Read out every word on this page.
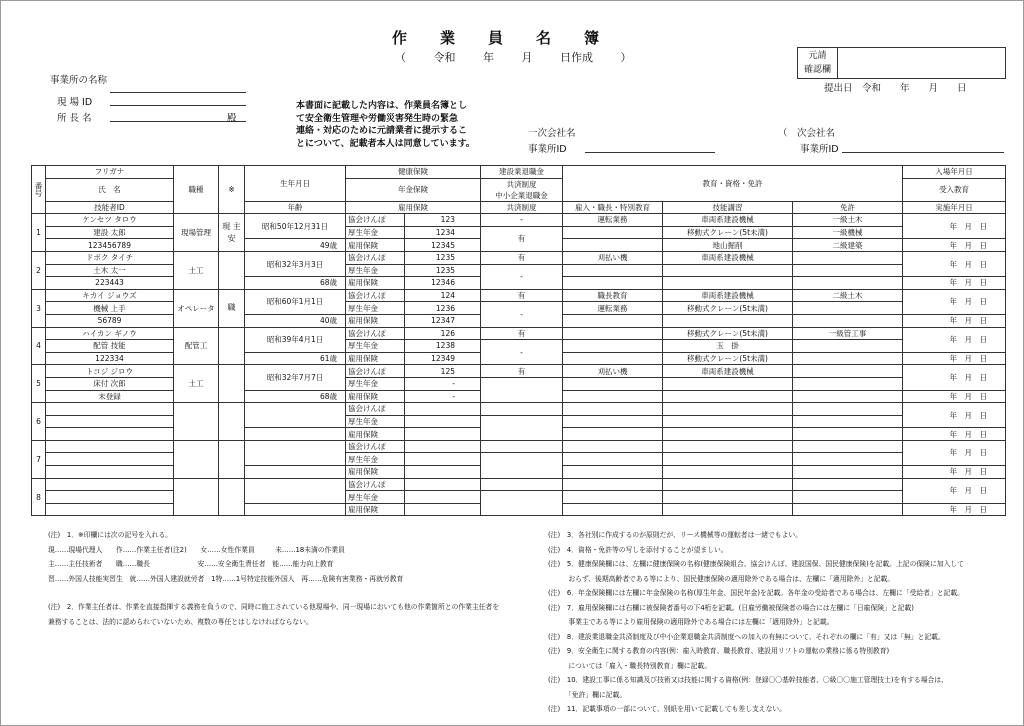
作業員名簿
（ 令和 年 月 日作成 ）
事業所の名称
現 場 ID
所 長 名	殿
本書面に記載した内容は、作業員名簿とし
て安全衛生管理や労働災害発生時の緊急
連絡・対応のために元請業者に提示するこ
とについて、記載者本人は同意しています。
一次会社名
事業所ID
（　次会社名
事業所ID
元請
確認欄
提出日　令和　　年　　月　　日
番号	フリガナ	職種	※	生年月日	健康保険		建設業退職金	教育・資格・免許			入場年月日
	氏　名				年金保険		共済制度
中小企業退職金				受入教育
	技能者ID			年齢	雇用保険		共済制度	雇入・職長・特別教育	技能講習	免許	実施年月日
1	ケンセツ タロウ	現場管理	現 主 安	昭和50年12月31日	協会けんぽ	123	-	運転業務	車両系建設機械	一級土木	年　月　日
	建設 太郎				厚生年金	1234	有		移動式クレーン(5t未満)	一級機械	
	123456789			49歳	雇用保険	12345			地山掘削	二級建築	年　月　日
2	ドボク タイチ	土工		昭和32年3月3日	協会けんぽ	1235	有	刈払い機	車両系建設機械		年　月　日
	土木 太一				厚生年金	1235	-				
	223443			68歳	雇用保険	12346					年　月　日
3	キカイ ジョウズ	オペレータ	職	昭和60年1月1日	協会けんぽ	124	有	職長教育	車両系建設機械	二級土木	年　月　日
	機械 上手				厚生年金	1236	-	運転業務	移動式クレーン(5t未満)		
	56789			40歳	雇用保険	12347					年　月　日
4	ハイカン ギノウ	配管工		昭和39年4月1日	協会けんぽ	126	有		移動式クレーン(5t未満)	一級管工事	年　月　日
	配管 技能				厚生年金	1238	-		玉　掛		
	122334			61歳	雇用保険	12349			移動式クレーン(5t未満)		年　月　日
5	トコジ ジロウ	土工		昭和32年7月7日	協会けんぽ	125	有	刈払い機	車両系建設機械		年　月　日
	床付 次郎				厚生年金	-					
	未登録			68歳	雇用保険	-					年　月　日
6					協会けんぽ						年　月　日
					厚生年金						
					雇用保険						年　月　日
7					協会けんぽ						年　月　日
					厚生年金						
					雇用保険						年　月　日
8					協会けんぽ						年　月　日
					厚生年金						
					雇用保険						年　月　日
(注)　1．※印欄には次の記号を入れる。
現……現場代理人　　作……作業主任者(注2)　　女……女性作業員　　　未……18未満の作業員
主……主任技術者　　職……職長　　　　　　　安……安全衛生責任者　能……能力向上教育
習……外国人技能実習生　就……外国人建設就労者　1特……1号特定技能外国人　再……危険有害業務・再就労教育
(注)　2．作業主任者は、作業を直接指揮する義務を負うので、同時に施工されている他現場や、同一現場においても他の作業箇所との作業主任者を
兼務することは、法的に認められていないため、複数の専任とはしなければならない。
(注)　3．各社別に作成するのが原則だが、リース機械等の運転者は一緒でもよい。
(注)　4．資格・免許等の写しを添付することが望ましい。
(注)　5．健康保険欄には、左欄に健康保険の名称(健康保険組合、協会けんぽ、建設国保、国民健康保険)を記載。上記の保険に加入して
　　　おらず、後期高齢者である等により、国民健康保険の適用除外である場合は、左欄に「適用除外」と記載。
(注)　6．年金保険欄には左欄に年金保険の名称(厚生年金、国民年金)を記載。各年金の受給者である場合は、左欄に「受給者」と記載。
(注)　7．雇用保険欄には右欄に被保険者番号の下4桁を記載。(日雇労働被保険者の場合には左欄に「日雇保険」と記載)
　　　事業主である等により雇用保険の適用除外である場合には左欄に「適用除外」と記載。
(注)　8．建設業退職金共済制度及び中小企業退職金共済制度への加入の有無について、それぞれの欄に「有」又は「無」と記載。
(注)　9．安全衛生に関する教育の内容(例：雇入時教育、職長教育、建設用リフトの運転の業務に係る特別教育)
　　　については「雇入・職長特別教育」欄に記載。
(注)　10．建設工事に係る知識及び技術又は技能に関する資格(例：登録〇〇基幹技能者、〇級〇〇施工管理技士)を有する場合は、
　　　「免許」欄に記載。
(注)　11．記載事項の一部について、別紙を用いて記載しても差し支えない。
